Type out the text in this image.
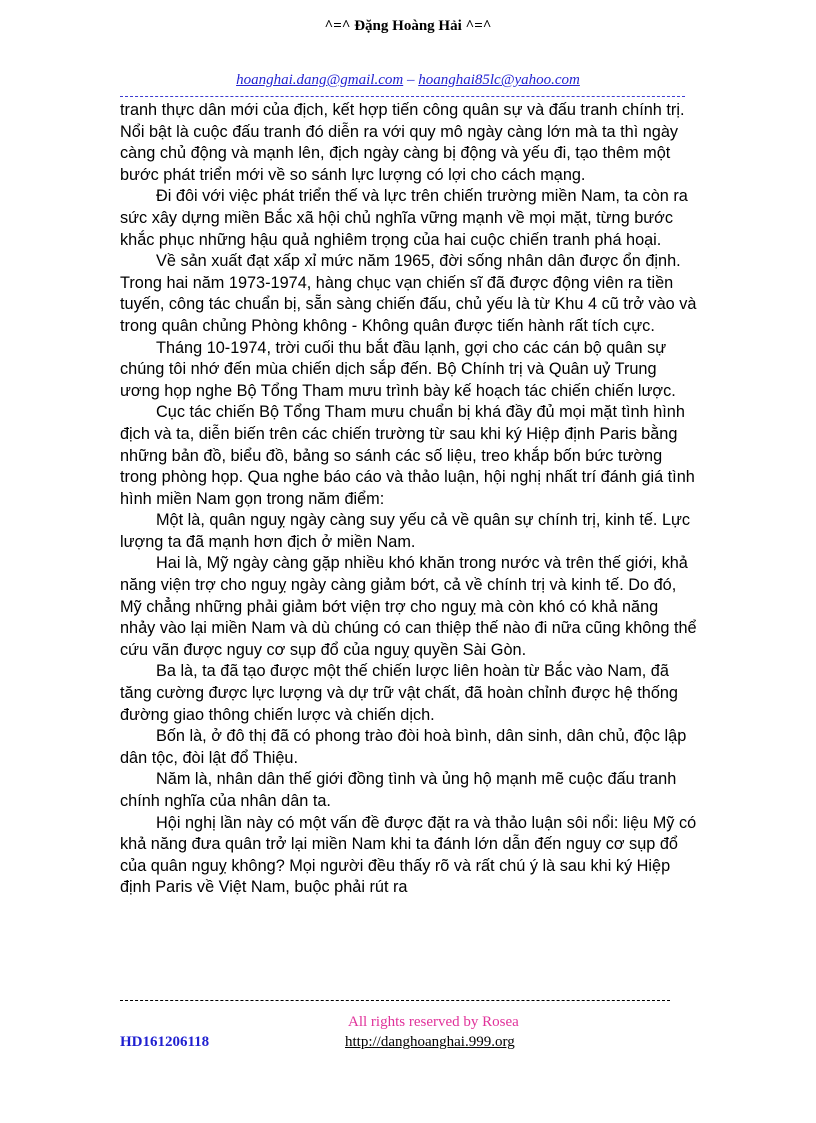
^=^ Đặng Hoàng Hải ^=^
hoanghai.dang@gmail.com – hoanghai85lc@yahoo.com

tranh thực dân mới của địch, kết hợp tiến công quân sự và đấu tranh chính trị. Nổi bật là cuộc đấu tranh đó diễn ra với quy mô ngày càng lớn mà ta thì ngày càng chủ động và mạnh lên, địch ngày càng bị động và yếu đi, tạo thêm một bước phát triển mới về so sánh lực lượng có lợi cho cách mạng.

Đi đôi với việc phát triển thế và lực trên chiến trường miền Nam, ta còn ra sức xây dựng miền Bắc xã hội chủ nghĩa vững mạnh về mọi mặt, từng bước khắc phục những hậu quả nghiêm trọng của hai cuộc chiến tranh phá hoại.

Về sản xuất đạt xấp xỉ mức năm 1965, đời sống nhân dân được ổn định. Trong hai năm 1973-1974, hàng chục vạn chiến sĩ đã được động viên ra tiền tuyến, công tác chuẩn bị, sẵn sàng chiến đấu, chủ yếu là từ Khu 4 cũ trở vào và trong quân chủng Phòng không - Không quân được tiến hành rất tích cực.

Tháng 10-1974, trời cuối thu bắt đầu lạnh, gợi cho các cán bộ quân sự chúng tôi nhớ đến mùa chiến dịch sắp đến. Bộ Chính trị và Quân uỷ Trung ương họp nghe Bộ Tổng Tham mưu trình bày kế hoạch tác chiến chiến lược.

Cục tác chiến Bộ Tổng Tham mưu chuẩn bị khá đầy đủ mọi mặt tình hình địch và ta, diễn biến trên các chiến trường từ sau khi ký Hiệp định Paris bằng những bản đồ, biểu đồ, bảng so sánh các số liệu, treo khắp bốn bức tường trong phòng họp. Qua nghe báo cáo và thảo luận, hội nghị nhất trí đánh giá tình hình miền Nam gọn trong năm điểm:

Một là, quân nguỵ ngày càng suy yếu cả về quân sự chính trị, kinh tế. Lực lượng ta đã mạnh hơn địch ở miền Nam.

Hai là, Mỹ ngày càng gặp nhiều khó khăn trong nước và trên thế giới, khả năng viện trợ cho nguỵ ngày càng giảm bớt, cả về chính trị và kinh tế. Do đó, Mỹ chẳng những phải giảm bớt viện trợ cho nguỵ mà còn khó có khả năng nhảy vào lại miền Nam và dù chúng có can thiệp thế nào đi nữa cũng không thể cứu vãn được nguy cơ sụp đổ của nguỵ quyền Sài Gòn.

Ba là, ta đã tạo được một thế chiến lược liên hoàn từ Bắc vào Nam, đã tăng cường được lực lượng và dự trữ vật chất, đã hoàn chỉnh được hệ thống đường giao thông chiến lược và chiến dịch.

Bốn là, ở đô thị đã có phong trào đòi hoà bình, dân sinh, dân chủ, độc lập dân tộc, đòi lật đổ Thiệu.

Năm là, nhân dân thế giới đồng tình và ủng hộ mạnh mẽ cuộc đấu tranh chính nghĩa của nhân dân ta.

Hội nghị lần này có một vấn đề được đặt ra và thảo luận sôi nổi: liệu Mỹ có khả năng đưa quân trở lại miền Nam khi ta đánh lớn dẫn đến nguy cơ sụp đổ của quân nguỵ không? Mọi người đều thấy rõ và rất chú ý là sau khi ký Hiệp định Paris về Việt Nam, buộc phải rút ra

All rights reserved by Rosea
HD161206118	http://danghoanghai.999.org
